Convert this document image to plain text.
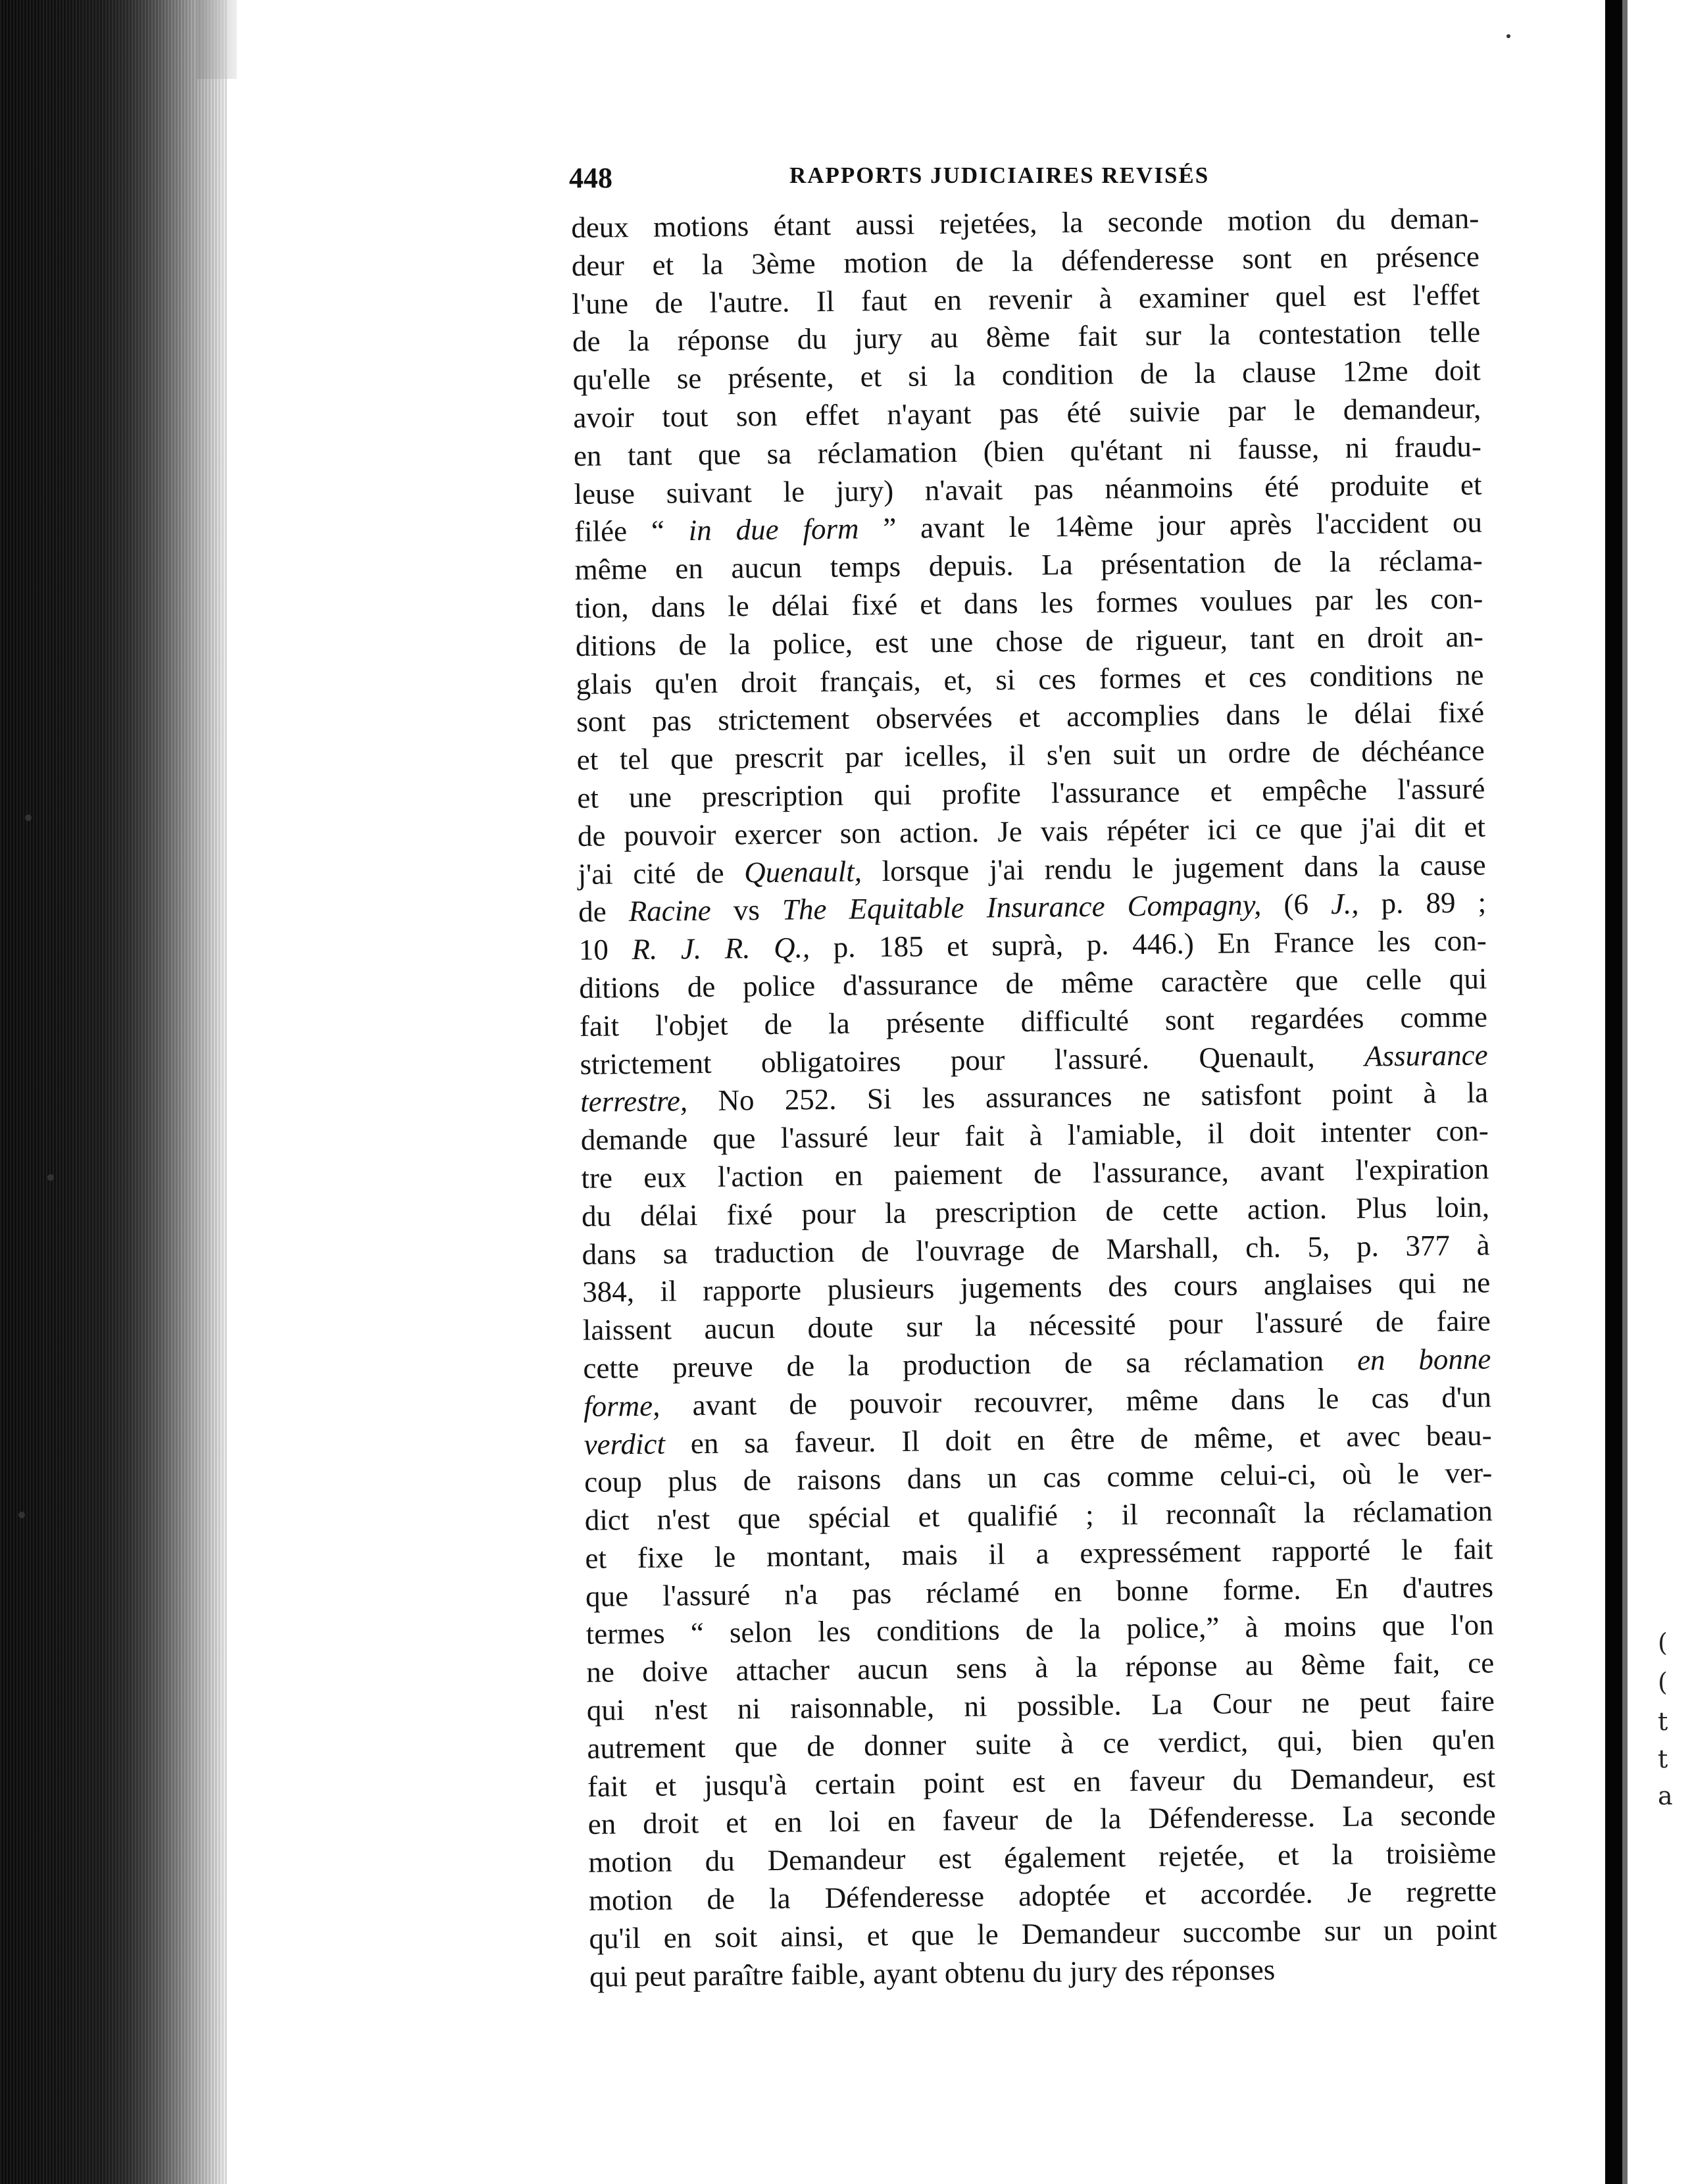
(
(
t
t
a
448	RAPPORTS JUDICIAIRES REVISÉS
deux motions étant aussi rejetées, la seconde motion du deman-
deur et la 3ème motion de la défenderesse sont en présence
l'une de l'autre. Il faut en revenir à examiner quel est l'effet
de la réponse du jury au 8ème fait sur la contestation telle
qu'elle se présente, et si la condition de la clause 12me doit
avoir tout son effet n'ayant pas été suivie par le demandeur,
en tant que sa réclamation (bien qu'étant ni fausse, ni fraudu-
leuse suivant le jury) n'avait pas néanmoins été produite et
filée “ in due form ” avant le 14ème jour après l'accident ou
même en aucun temps depuis. La présentation de la réclama-
tion, dans le délai fixé et dans les formes voulues par les con-
ditions de la police, est une chose de rigueur, tant en droit an-
glais qu'en droit français, et, si ces formes et ces conditions ne
sont pas strictement observées et accomplies dans le délai fixé
et tel que prescrit par icelles, il s'en suit un ordre de déchéance
et une prescription qui profite l'assurance et empêche l'assuré
de pouvoir exercer son action. Je vais répéter ici ce que j'ai dit et
j'ai cité de Quenault, lorsque j'ai rendu le jugement dans la cause
de Racine vs The Equitable Insurance Compagny, (6 J., p. 89 ;
10 R. J. R. Q., p. 185 et suprà, p. 446.) En France les con-
ditions de police d'assurance de même caractère que celle qui
fait l'objet de la présente difficulté sont regardées comme
strictement obligatoires pour l'assuré. Quenault, Assurance
terrestre, No 252. Si les assurances ne satisfont point à la
demande que l'assuré leur fait à l'amiable, il doit intenter con-
tre eux l'action en paiement de l'assurance, avant l'expiration
du délai fixé pour la prescription de cette action. Plus loin,
dans sa traduction de l'ouvrage de Marshall, ch. 5, p. 377 à
384, il rapporte plusieurs jugements des cours anglaises qui ne
laissent aucun doute sur la nécessité pour l'assuré de faire
cette preuve de la production de sa réclamation en bonne
forme, avant de pouvoir recouvrer, même dans le cas d'un
verdict en sa faveur. Il doit en être de même, et avec beau-
coup plus de raisons dans un cas comme celui-ci, où le ver-
dict n'est que spécial et qualifié ; il reconnaît la réclamation
et fixe le montant, mais il a expressément rapporté le fait
que l'assuré n'a pas réclamé en bonne forme. En d'autres
termes “ selon les conditions de la police,” à moins que l'on
ne doive attacher aucun sens à la réponse au 8ème fait, ce
qui n'est ni raisonnable, ni possible. La Cour ne peut faire
autrement que de donner suite à ce verdict, qui, bien qu'en
fait et jusqu'à certain point est en faveur du Demandeur, est
en droit et en loi en faveur de la Défenderesse. La seconde
motion du Demandeur est également rejetée, et la troisième
motion de la Défenderesse adoptée et accordée. Je regrette
qu'il en soit ainsi, et que le Demandeur succombe sur un point
qui peut paraître faible, ayant obtenu du jury des réponses
